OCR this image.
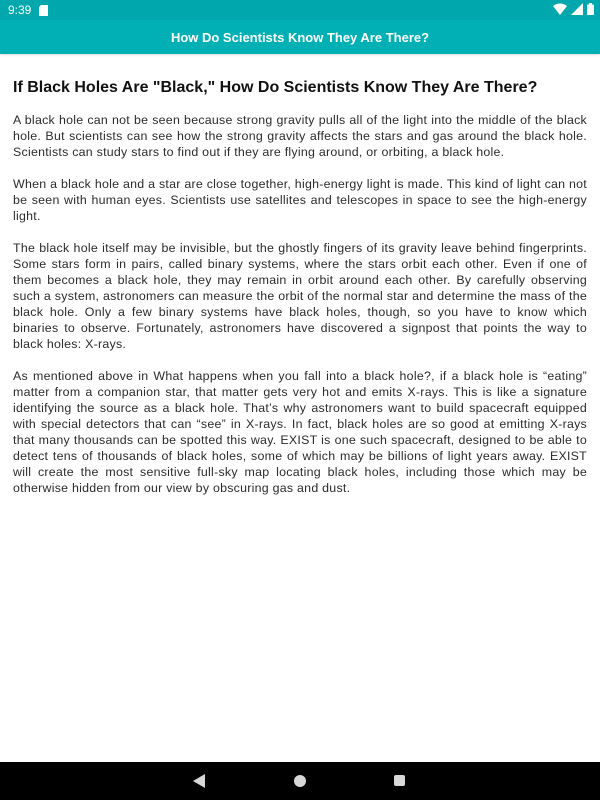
9:39
How Do Scientists Know They Are There?
If Black Holes Are "Black," How Do Scientists Know They Are There?

A black hole can not be seen because strong gravity pulls all of the light into the middle of the black hole. But scientists can see how the strong gravity affects the stars and gas around the black hole. Scientists can study stars to find out if they are flying around, or orbiting, a black hole.

When a black hole and a star are close together, high-energy light is made. This kind of light can not be seen with human eyes. Scientists use satellites and telescopes in space to see the high-energy light.

The black hole itself may be invisible, but the ghostly fingers of its gravity leave behind fingerprints. Some stars form in pairs, called binary systems, where the stars orbit each other. Even if one of them becomes a black hole, they may remain in orbit around each other. By carefully observing such a system, astronomers can measure the orbit of the normal star and determine the mass of the black hole. Only a few binary systems have black holes, though, so you have to know which binaries to observe. Fortunately, astronomers have discovered a signpost that points the way to black holes: X-rays.

As mentioned above in What happens when you fall into a black hole?, if a black hole is “eating” matter from a companion star, that matter gets very hot and emits X-rays. This is like a signature identifying the source as a black hole. That’s why astronomers want to build spacecraft equipped with special detectors that can “see” in X-rays. In fact, black holes are so good at emitting X-rays that many thousands can be spotted this way. EXIST is one such spacecraft, designed to be able to detect tens of thousands of black holes, some of which may be billions of light years away. EXIST will create the most sensitive full-sky map locating black holes, including those which may be otherwise hidden from our view by obscuring gas and dust.
